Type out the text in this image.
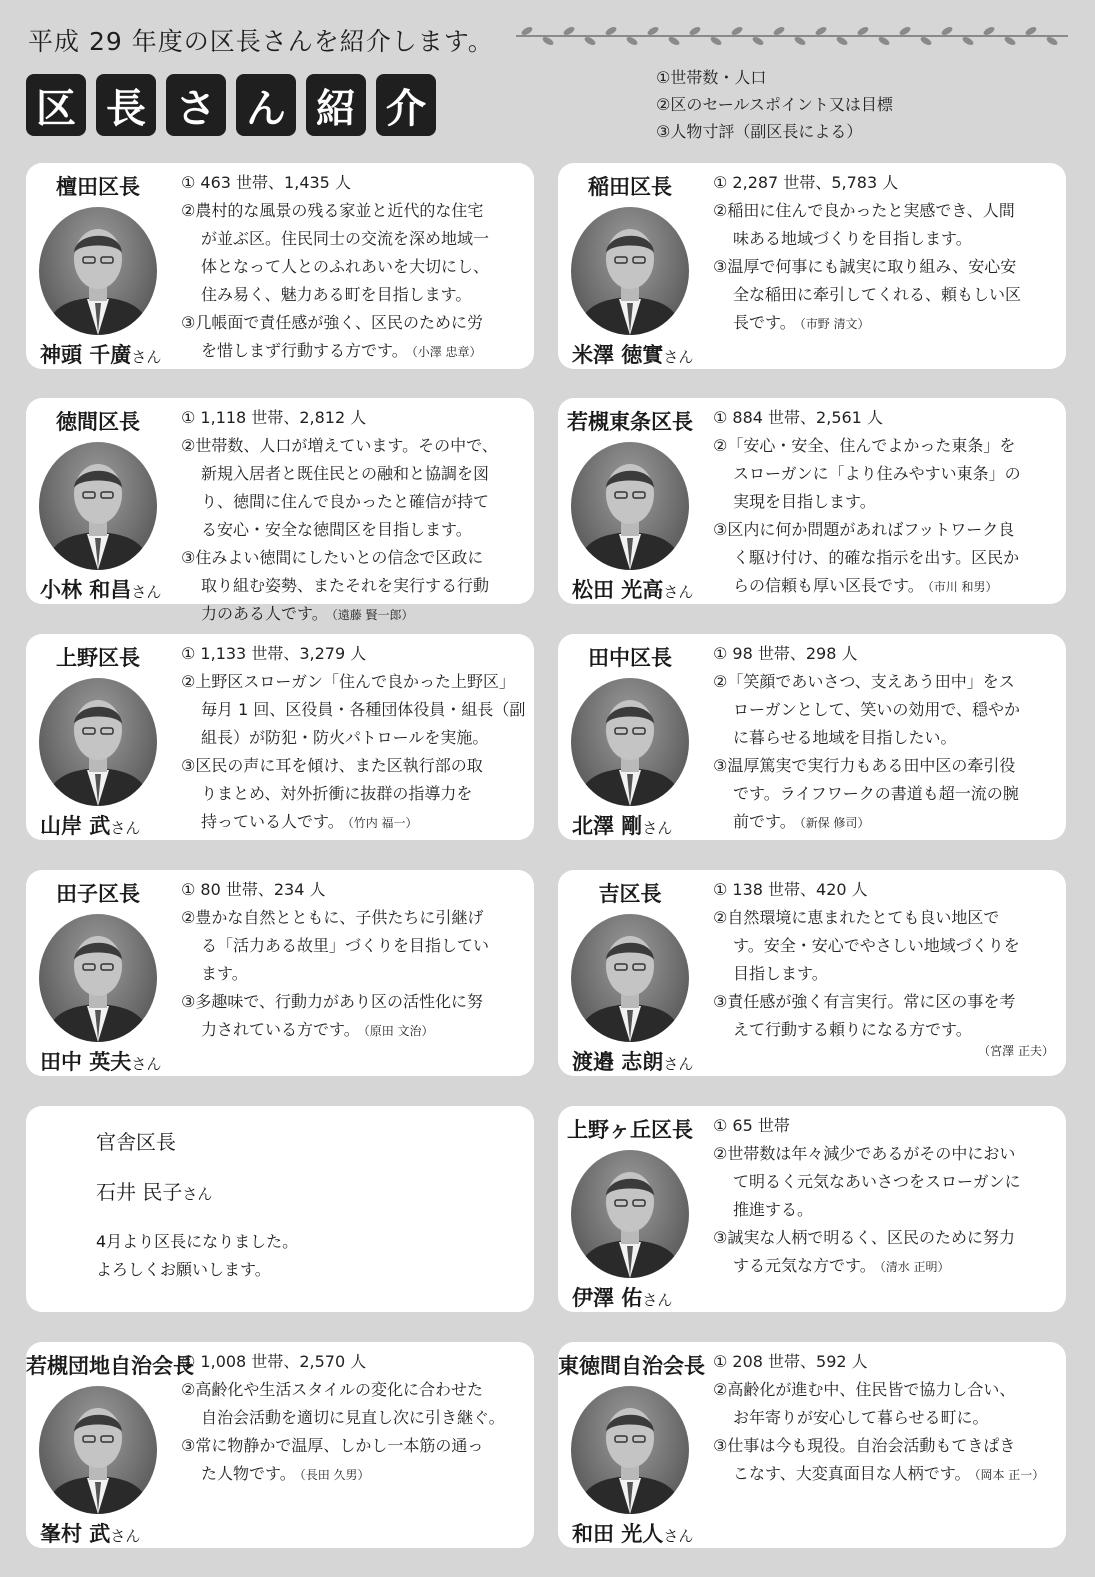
平成 29 年度の区長さんを紹介します。
区 長 さ ん 紹 介
①世帯数・人口
②区のセールスポイント又は目標
③人物寸評（副区長による）
檀田区長
神頭 千廣さん
① 463 世帯、1,435 人
②農村的な風景の残る家並と近代的な住宅
が並ぶ区。住民同士の交流を深め地域一
体となって人とのふれあいを大切にし、
住み易く、魅力ある町を目指します。
③几帳面で責任感が強く、区民のために労
を惜しまず行動する方です。 （小澤 忠章）
稲田区長
米澤 徳實さん
① 2,287 世帯、5,783 人
②稲田に住んで良かったと実感でき、人間
味ある地域づくりを目指します。
③温厚で何事にも誠実に取り組み、安心安
全な稲田に牽引してくれる、頼もしい区
長です。 （市野 清文）
徳間区長
小林 和昌さん
① 1,118 世帯、2,812 人
②世帯数、人口が増えています。その中で、
新規入居者と既住民との融和と協調を図
り、徳間に住んで良かったと確信が持て
る安心・安全な徳間区を目指します。
③住みよい徳間にしたいとの信念で区政に
取り組む姿勢、またそれを実行する行動
力のある人です。 （遠藤 賢一郎）
若槻東条区長
松田 光高さん
① 884 世帯、2,561 人
②「安心・安全、住んでよかった東条」を
スローガンに「より住みやすい東条」の
実現を目指します。
③区内に何か問題があればフットワーク良
く駆け付け、的確な指示を出す。区民か
らの信頼も厚い区長です。 （市川 和男）
上野区長
山岸 武さん
① 1,133 世帯、3,279 人
②上野区スローガン「住んで良かった上野区」
毎月 1 回、区役員・各種団体役員・組長（副
組長）が防犯・防火パトロールを実施。
③区民の声に耳を傾け、また区執行部の取
りまとめ、対外折衝に抜群の指導力を
持っている人です。 （竹内 福一）
田中区長
北澤 剛さん
① 98 世帯、298 人
②「笑顔であいさつ、支えあう田中」をス
ローガンとして、笑いの効用で、穏やか
に暮らせる地域を目指したい。
③温厚篤実で実行力もある田中区の牽引役
です。ライフワークの書道も超一流の腕
前です。 （新保 修司）
田子区長
田中 英夫さん
① 80 世帯、234 人
②豊かな自然とともに、子供たちに引継げ
る「活力ある故里」づくりを目指してい
ます。
③多趣味で、行動力があり区の活性化に努
力されている方です。 （原田 文治）
吉区長
渡邉 志朗さん
① 138 世帯、420 人
②自然環境に恵まれたとても良い地区で
す。安全・安心でやさしい地域づくりを
目指します。
③責任感が強く有言実行。常に区の事を考
えて行動する頼りになる方です。
（宮澤 正夫）
上野ヶ丘区長
伊澤 佑さん
① 65 世帯
②世帯数は年々減少であるがその中におい
て明るく元気なあいさつをスローガンに
推進する。
③誠実な人柄で明るく、区民のために努力
する元気な方です。 （清水 正明）
若槻団地自治会長
峯村 武さん
① 1,008 世帯、2,570 人
②高齢化や生活スタイルの変化に合わせた
自治会活動を適切に見直し次に引き継ぐ。
③常に物静かで温厚、しかし一本筋の通っ
た人物です。 （長田 久男）
東徳間自治会長
和田 光人さん
① 208 世帯、592 人
②高齢化が進む中、住民皆で協力し合い、
お年寄りが安心して暮らせる町に。
③仕事は今も現役。自治会活動もてきぱき
こなす、大変真面目な人柄です。 （岡本 正一）
官舎区長
石井 民子さん
4月より区長になりました。
よろしくお願いします。
